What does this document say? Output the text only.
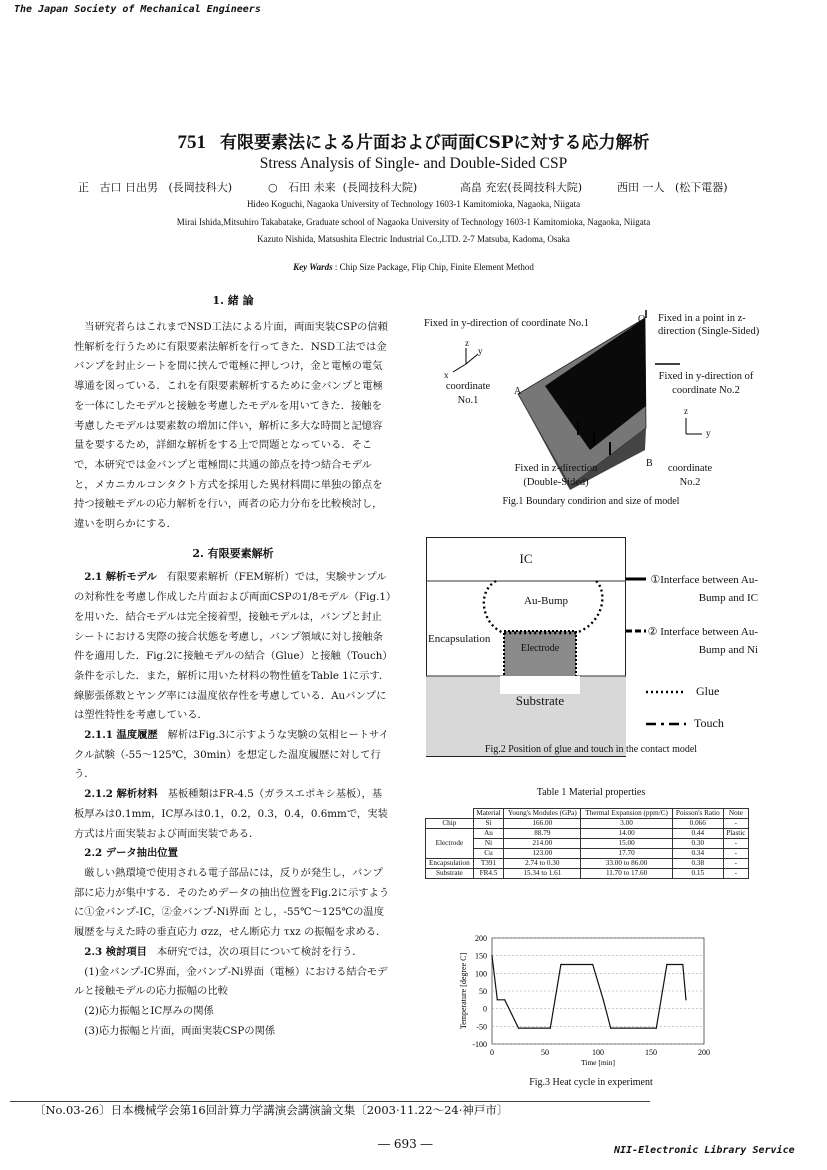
The Japan Society of Mechanical Engineers
751 有限要素法による片面および両面CSPに対する応力解析
Stress Analysis of Single- and Double-Sided CSP
正 古口 日出男 (長岡技科大)	○ 石田 未来 (長岡技科大院)	高畠 充宏(長岡技科大院)	西田 一人 (松下電器)
Hideo Koguchi, Nagaoka University of Technology 1603-1 Kamitomioka, Nagaoka, Niigata
Mirai Ishida,Mitsuhiro Takabatake, Graduate school of Nagaoka University of Technology 1603-1 Kamitomioka, Nagaoka, Niigata
Kazuto Nishida, Matsushita Electric Industrial Co.,LTD. 2-7 Matsuba, Kadoma, Osaka
Key Wards : Chip Size Package, Flip Chip, Finite Element Method
1. 緒 論

当研究者らはこれまでNSD工法による片面，両面実装CSPの信頼性解析を行うために有限要素法解析を行ってきた．NSD工法では金バンプを封止シートを間に挟んで電極に押しつけ，金と電極の電気導通を図っている．これを有限要素解析するために金バンプと電極を一体にしたモデルと接触を考慮したモデルを用いてきた．接触を考慮したモデルは要素数の増加に伴い，解析に多大な時間と記憶容量を要するため，詳細な解析をする上で問題となっている．そこで，本研究では金バンプと電極間に共通の節点を持つ結合モデルと，メカニカルコンタクト方式を採用した異材料間に単独の節点を持つ接触モデルの応力解析を行い，両者の応力分布を比較検討し，違いを明らかにする．

2. 有限要素解析

2.1 解析モデル 有限要素解析（FEM解析）では，実験サンプルの対称性を考慮し作成した片面および両面CSPの1/8モデル（Fig.1）を用いた．結合モデルは完全接着型，接触モデルは，バンプと封止シートにおける実際の接合状態を考慮し，バンプ領域に対し接触条件を適用した．Fig.2に接触モデルの結合（Glue）と接触（Touch）条件を示した．また，解析に用いた材料の物性値をTable 1に示す．線膨張係数とヤング率には温度依存性を考慮している．Auバンプには塑性特性を考慮している．

2.1.1 温度履歴 解析はFig.3に示すような実験の気相ヒートサイクル試験（-55～125℃，30min）を想定した温度履歴に対して行う．

2.1.2 解析材料 基板種類はFR-4.5（ガラスエポキシ基板），基板厚みは0.1mm，IC厚みは0.1，0.2，0.3，0.4，0.6mmで，実装方式は片面実装および両面実装である．

2.2 データ抽出位置

厳しい熱環境で使用される電子部品には，反りが発生し，バンプ部に応力が集中する．そのためデータの抽出位置をFig.2に示すように①金バンプ-IC，②金バンプ-Ni界面 とし，-55℃～125℃の温度履歴を与えた時の垂直応力 σzz，せん断応力 τxz の振幅を求める．

2.3 検討項目 本研究では，次の項目について検討を行う．

(1)金バンプ-IC界面，金バンプ-Ni界面（電極）における結合モデルと接触モデルの応力振幅の比較

(2)応力振幅とIC厚みの関係

(3)応力振幅と片面，両面実装CSPの関係

Fixed in y-direction of coordinate No.1	Fixed in a point in z-direction (Single-Sided)
Fixed in y-direction of coordinate No.2
Fixed in z-direction (Double-Sided)
coordinate No.1
coordinate No.2
O
A
B
z
y
x
z
y
Fig.1 Boundary condirion and size of model
IC
Au-Bump
Encapsulation
Electrode
Substrate
①Interface between Au-Bump and IC
② Interface between Au-Bump and Ni
Glue
Touch
Fig.2 Position of glue and touch in the contact model
Table 1 Material properties
	Material	Young's Modules (GPa)	Thermal Expansion (ppm/C)	Poisson's Ratio	Note
Chip	Si	166.00	3.00	0.066	-
Electrode	Au	88.79	14.00	0.44	Plastic
	Ni	214.00	15.00	0.30	-
	Cu	123.00	17.70	0.34	-
Encapsulation	T391	2.74 to 0.30	33.00 to 86.00	0.38	-
Substrate	FR4.5	15.34 to 1.61	11.70 to 17.60	0.15	-
-100
-50
0
50
100
150
200
0	50	100	150	200
Time [min]
Temperature [degree C]
Fig.3 Heat cycle in experiment
〔No.03-26〕日本機械学会第16回計算力学講演会講演論文集〔2003·11.22～24·神戸市〕
― 693 ―	NII-Electronic Library Service
